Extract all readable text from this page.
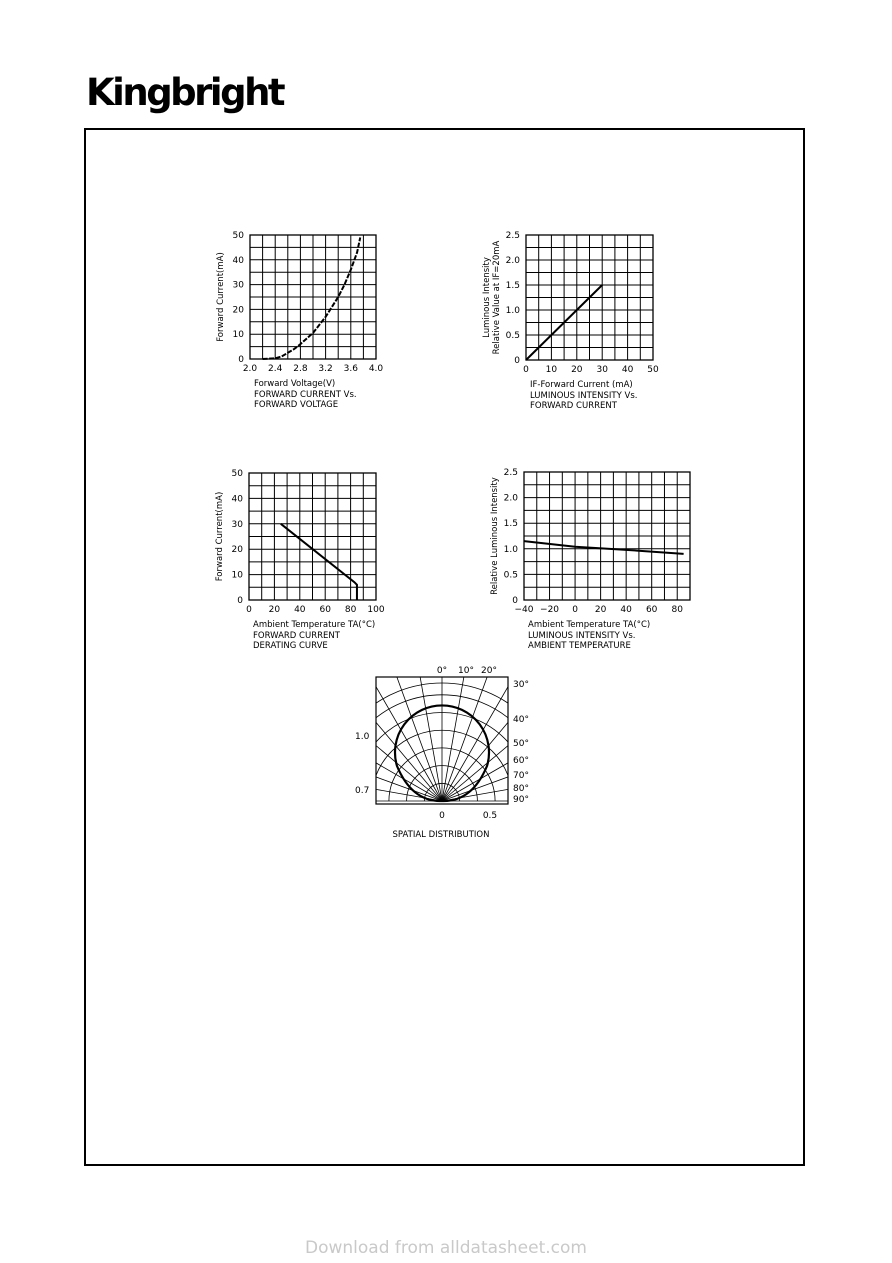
Kingbright
2.0 2.4 2.8 3.2 3.6 4.0
0
10
20
30
40
50
Forward Voltage(V)
Forward Current(mA)
FORWARD CURRENT Vs.
FORWARD VOLTAGE
0 10 20 30 40 50
0
0.5
1.0
1.5
2.0
2.5
IF-Forward Current (mA)
Luminous Intensity Relative Value at IF=20mA
LUMINOUS INTENSITY Vs.
FORWARD CURRENT
0 20 40 60 80 100
0
10
20
30
40
50
Ambient Temperature TA(°C)
Forward Current(mA)
FORWARD CURRENT
DERATING CURVE
−40 −20 0 20 40 60 80
0
0.5
1.0
1.5
2.0
2.5
Ambient Temperature TA(°C)
Relative Luminous Intensity
LUMINOUS INTENSITY Vs.
AMBIENT TEMPERATURE
0° 10° 20°
30°
40°
50°
60°
70°
80°
90°
1.0
0.7
0	0.5
SPATIAL DISTRIBUTION
Download from alldatasheet.com
